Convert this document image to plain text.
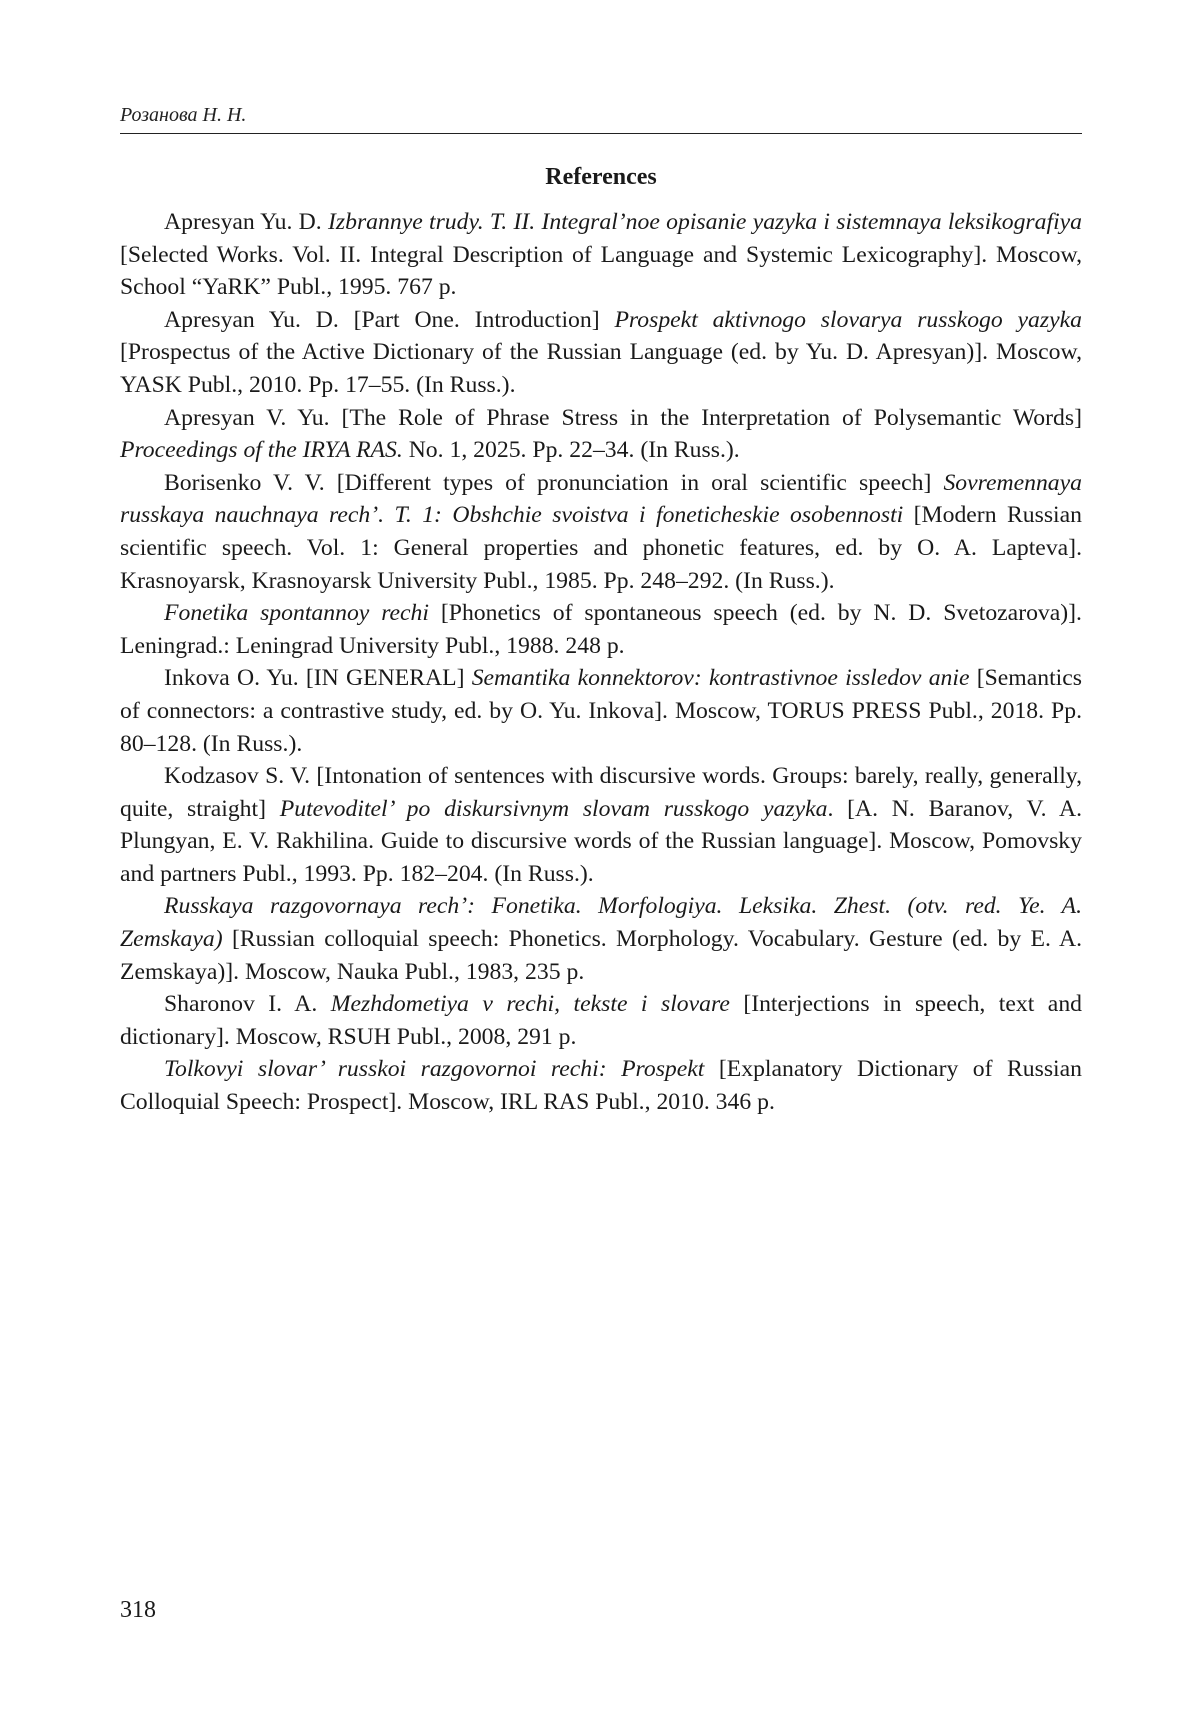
Розанова Н. Н.
References

Apresyan Yu. D. Izbrannye trudy. T. II. Integral’noe opisanie yazyka i sistemnaya leksikografiya [Selected Works. Vol. II. Integral Description of Language and Systemic Lexicography]. Moscow, School “YaRK” Publ., 1995. 767 p.

Apresyan Yu. D. [Part One. Introduction] Prospekt aktivnogo slovarya russkogo yazyka [Prospectus of the Active Dictionary of the Russian Language (ed. by Yu. D. Apresyan)]. Moscow, YASK Publ., 2010. Pp. 17–55. (In Russ.).

Apresyan V. Yu. [The Role of Phrase Stress in the Interpretation of Polysemantic Words] Proceedings of the IRYA RAS. No. 1, 2025. Pp. 22–34. (In Russ.).

Borisenko V. V. [Different types of pronunciation in oral scientific speech] Sovremennaya russkaya nauchnaya rech’. T. 1: Obshchie svoistva i foneticheskie osobennosti [Modern Russian scientific speech. Vol. 1: General properties and phonetic features, ed. by O. A. Lapteva]. Krasnoyarsk, Krasnoyarsk University Publ., 1985. Pp. 248–292. (In Russ.).

Fonetika spontannoy rechi [Phonetics of spontaneous speech (ed. by N. D. Svetozarova)]. Leningrad.: Leningrad University Publ., 1988. 248 p.

Inkova O. Yu. [IN GENERAL] Semantika konnektorov: kontrastivnoe issledov anie [Semantics of connectors: a contrastive study, ed. by O. Yu. Inkova]. Moscow, TORUS PRESS Publ., 2018. Pp. 80–128. (In Russ.).

Kodzasov S. V. [Intonation of sentences with discursive words. Groups: barely, really, generally, quite, straight] Putevoditel’ po diskursivnym slovam russkogo yazyka. [A. N. Baranov, V. A. Plungyan, E. V. Rakhilina. Guide to discursive words of the Russian language]. Moscow, Pomovsky and partners Publ., 1993. Pp. 182–204. (In Russ.).

Russkaya razgovornaya rech’: Fonetika. Morfologiya. Leksika. Zhest. (otv. red. Ye. A. Zemskaya) [Russian colloquial speech: Phonetics. Morphology. Vocabulary. Gesture (ed. by E. A. Zemskaya)]. Moscow, Nauka Publ., 1983, 235 p.

Sharonov I. A. Mezhdometiya v rechi, tekste i slovare [Interjections in speech, text and dictionary]. Moscow, RSUH Publ., 2008, 291 p.

Tolkovyi slovar’ russkoi razgovornoi rechi: Prospekt [Explanatory Dictionary of Russian Colloquial Speech: Prospect]. Moscow, IRL RAS Publ., 2010. 346 p.

318
